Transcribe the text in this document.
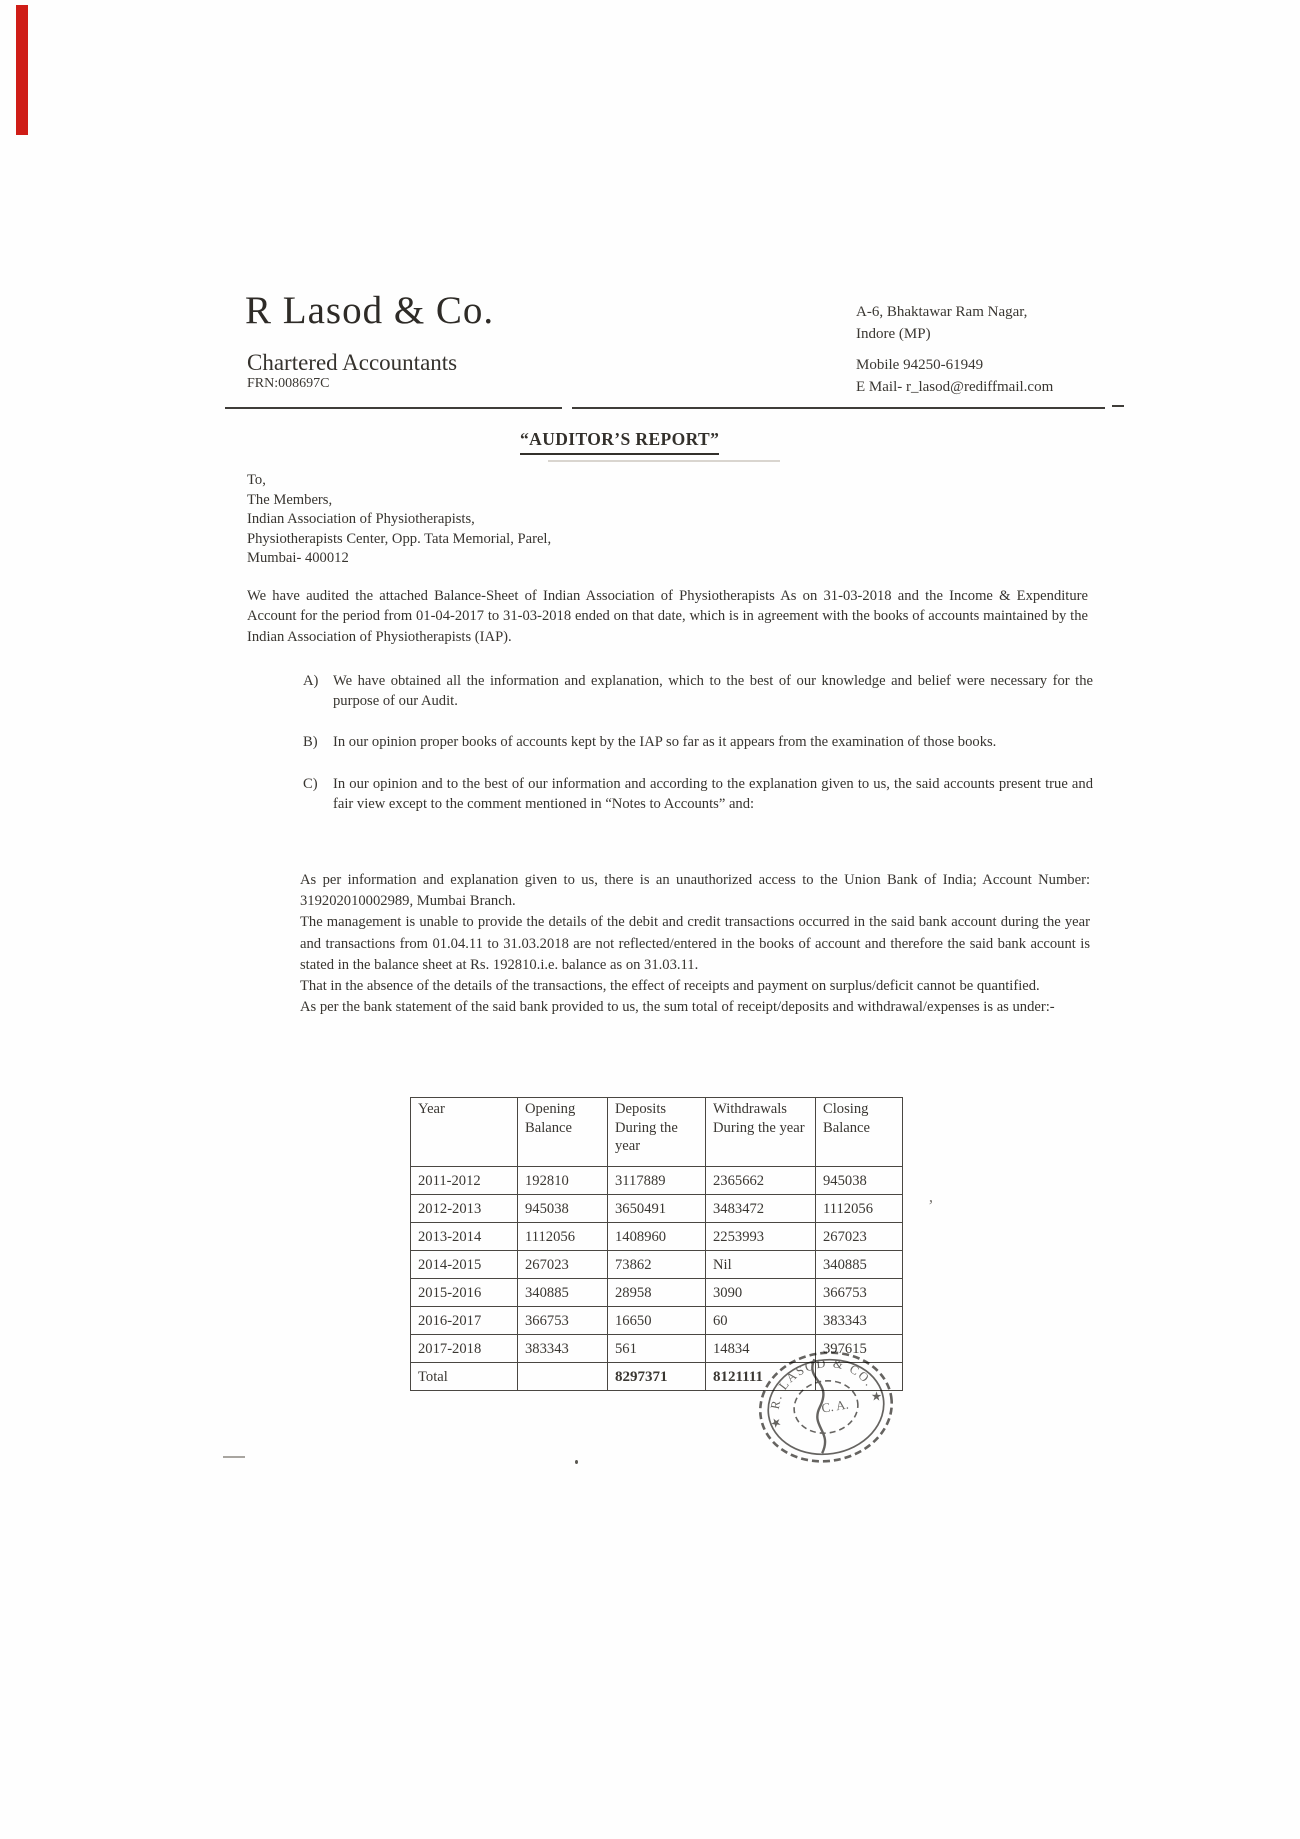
R Lasod & Co.
Chartered Accountants
FRN:008697C
A-6, Bhaktawar Ram Nagar,
Indore (MP)
Mobile 94250-61949
E Mail- r_lasod@rediffmail.com
“AUDITOR’S REPORT”
To,
The Members,
Indian Association of Physiotherapists,
Physiotherapists Center, Opp. Tata Memorial, Parel,
Mumbai- 400012
We have audited the attached Balance-Sheet of Indian Association of Physiotherapists As on 31-03-2018 and the Income & Expenditure Account for the period from 01-04-2017 to 31-03-2018 ended on that date, which is in agreement with the books of accounts maintained by the Indian Association of Physiotherapists (IAP).
A) We have obtained all the information and explanation, which to the best of our knowledge and belief were necessary for the purpose of our Audit.
B) In our opinion proper books of accounts kept by the IAP so far as it appears from the examination of those books.
C) In our opinion and to the best of our information and according to the explanation given to us, the said accounts present true and fair view except to the comment mentioned in “Notes to Accounts” and:

As per information and explanation given to us, there is an unauthorized access to the Union Bank of India; Account Number: 319202010002989, Mumbai Branch.

The management is unable to provide the details of the debit and credit transactions occurred in the said bank account during the year and transactions from 01.04.11 to 31.03.2018 are not reflected/entered in the books of account and therefore the said bank account is stated in the balance sheet at Rs. 192810.i.e. balance as on 31.03.11.

That in the absence of the details of the transactions, the effect of receipts and payment on surplus/deficit cannot be quantified.

As per the bank statement of the said bank provided to us, the sum total of receipt/deposits and withdrawal/expenses is as under:-

Year	Opening Balance	Deposits During the year	Withdrawals During the year	Closing Balance
2011-2012	192810	3117889	2365662	945038
2012-2013	945038	3650491	3483472	1112056
2013-2014	1112056	1408960	2253993	267023
2014-2015	267023	73862	Nil	340885
2015-2016	340885	28958	3090	366753
2016-2017	366753	16650	60	383343
2017-2018	383343	561	14834	397615
Total		8297371	8121111	
★ R. LASOD & CO. ★
C. A.
’
